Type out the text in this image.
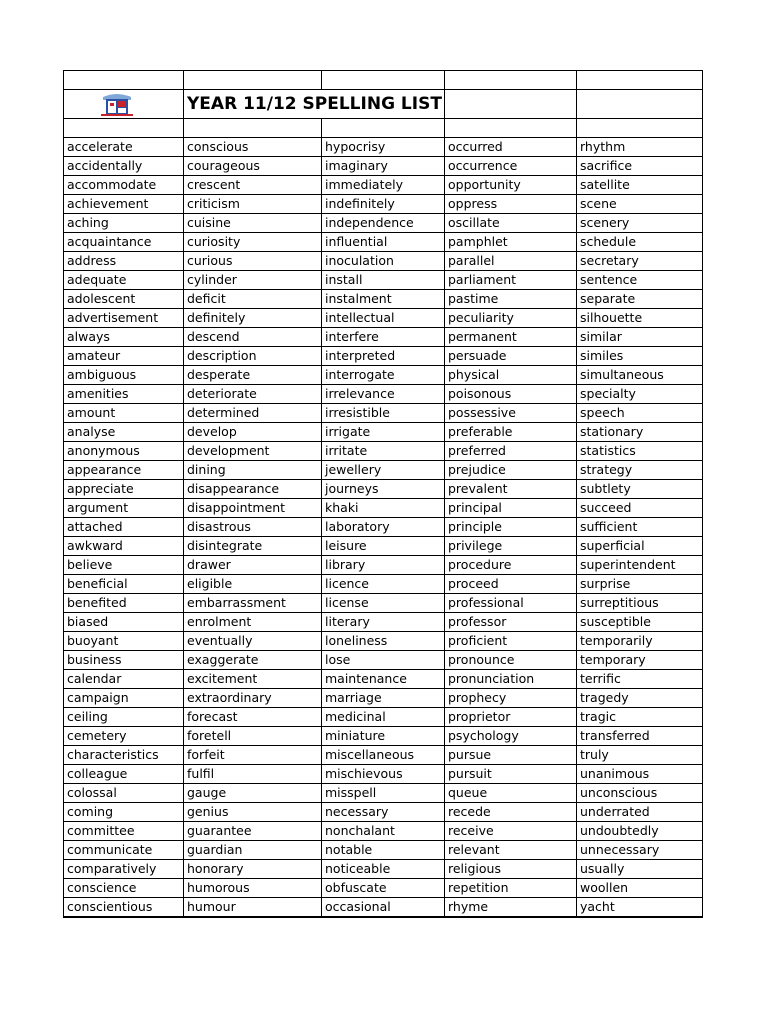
	YEAR 11/12 SPELLING LIST			

accelerate	conscious	hypocrisy	occurred	rhythm
accidentally	courageous	imaginary	occurrence	sacrifice
accommodate	crescent	immediately	opportunity	satellite
achievement	criticism	indefinitely	oppress	scene
aching	cuisine	independence	oscillate	scenery
acquaintance	curiosity	influential	pamphlet	schedule
address	curious	inoculation	parallel	secretary
adequate	cylinder	install	parliament	sentence
adolescent	deficit	instalment	pastime	separate
advertisement	definitely	intellectual	peculiarity	silhouette
always	descend	interfere	permanent	similar
amateur	description	interpreted	persuade	similes
ambiguous	desperate	interrogate	physical	simultaneous
amenities	deteriorate	irrelevance	poisonous	specialty
amount	determined	irresistible	possessive	speech
analyse	develop	irrigate	preferable	stationary
anonymous	development	irritate	preferred	statistics
appearance	dining	jewellery	prejudice	strategy
appreciate	disappearance	journeys	prevalent	subtlety
argument	disappointment	khaki	principal	succeed
attached	disastrous	laboratory	principle	sufficient
awkward	disintegrate	leisure	privilege	superficial
believe	drawer	library	procedure	superintendent
beneficial	eligible	licence	proceed	surprise
benefited	embarrassment	license	professional	surreptitious
biased	enrolment	literary	professor	susceptible
buoyant	eventually	loneliness	proficient	temporarily
business	exaggerate	lose	pronounce	temporary
calendar	excitement	maintenance	pronunciation	terrific
campaign	extraordinary	marriage	prophecy	tragedy
ceiling	forecast	medicinal	proprietor	tragic
cemetery	foretell	miniature	psychology	transferred
characteristics	forfeit	miscellaneous	pursue	truly
colleague	fulfil	mischievous	pursuit	unanimous
colossal	gauge	misspell	queue	unconscious
coming	genius	necessary	recede	underrated
committee	guarantee	nonchalant	receive	undoubtedly
communicate	guardian	notable	relevant	unnecessary
comparatively	honorary	noticeable	religious	usually
conscience	humorous	obfuscate	repetition	woollen
conscientious	humour	occasional	rhyme	yacht
